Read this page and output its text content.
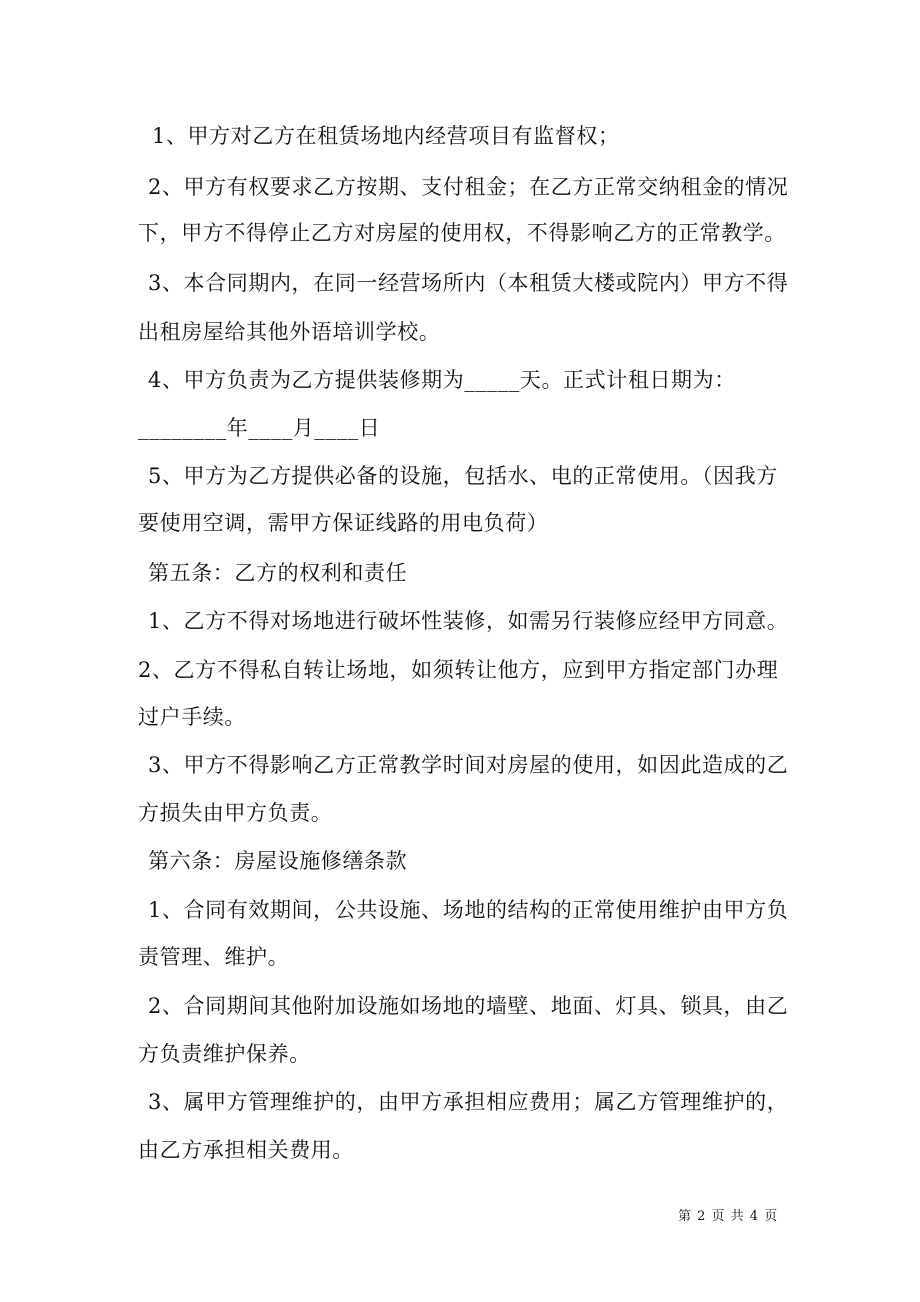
1、甲方对乙方在租赁场地内经营项目有监督权；
2、甲方有权要求乙方按期、支付租金；在乙方正常交纳租金的情况
下，甲方不得停止乙方对房屋的使用权，不得影响乙方的正常教学。
3、本合同期内，在同一经营场所内（本租赁大楼或院内）甲方不得
出租房屋给其他外语培训学校。
4、甲方负责为乙方提供装修期为_____天。正式计租日期为：
________年____月____日
5、甲方为乙方提供必备的设施，包括水、电的正常使用。（因我方
要使用空调，需甲方保证线路的用电负荷）
第五条：乙方的权利和责任
1、乙方不得对场地进行破坏性装修，如需另行装修应经甲方同意。
2、乙方不得私自转让场地，如须转让他方，应到甲方指定部门办理
过户手续。
3、甲方不得影响乙方正常教学时间对房屋的使用，如因此造成的乙
方损失由甲方负责。
第六条：房屋设施修缮条款
1、合同有效期间，公共设施、场地的结构的正常使用维护由甲方负
责管理、维护。
2、合同期间其他附加设施如场地的墙壁、地面、灯具、锁具，由乙
方负责维护保养。
3、属甲方管理维护的，由甲方承担相应费用；属乙方管理维护的，
由乙方承担相关费用。
第 2 页 共 4 页
